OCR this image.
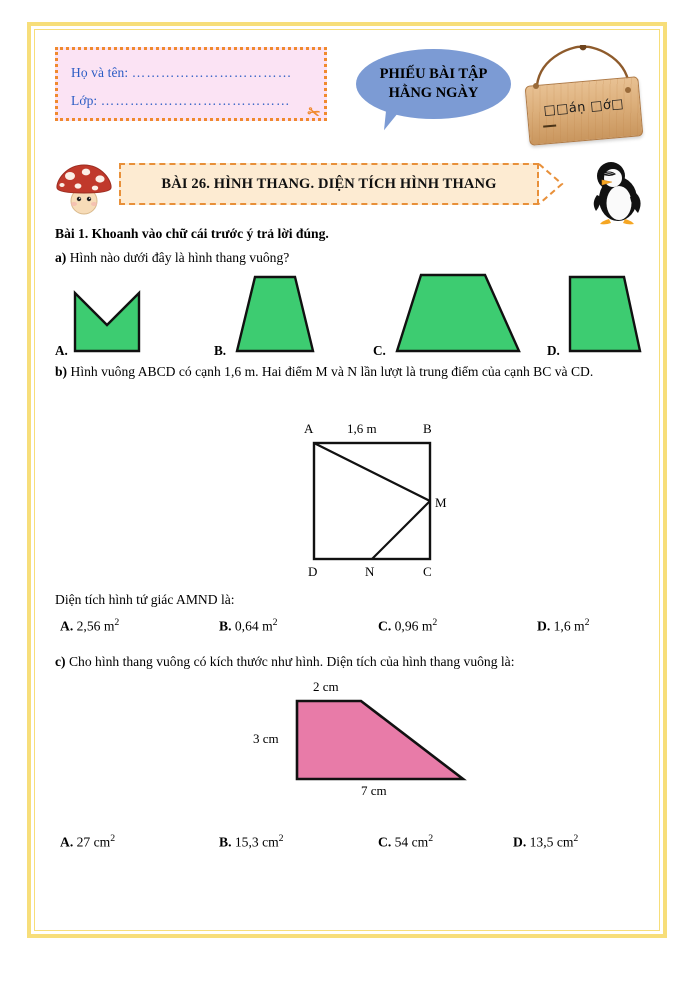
Họ và tên: ……………………………
Lớp: …………………………………
✂
PHIẾU BÀI TẬP
HẰNG NGÀY
□□áṇ □ớ□
BÀI 26. HÌNH THANG. DIỆN TÍCH HÌNH THANG
Bài 1. Khoanh vào chữ cái trước ý trả lời đúng.
a) Hình nào dưới đây là hình thang vuông?
A.	B.	C.	D.
b) Hình vuông ABCD có cạnh 1,6 m. Hai điểm M và N lần lượt là trung điểm của cạnh BC và CD.
A	B
C
D
M
N
1,6 m
Diện tích hình tứ giác AMND là:
A. 2,56 $m^2$	B. 0,64 $m^2$	C. 0,96 $m^2$	D. 1,6 $m^2$
c) Cho hình thang vuông có kích thước như hình. Diện tích của hình thang vuông là:
2 cm
3 cm
7 cm
A. 27 $cm^2$	B. 15,3 $cm^2$	C. 54 $cm^2$	D. 13,5 $cm^2$
